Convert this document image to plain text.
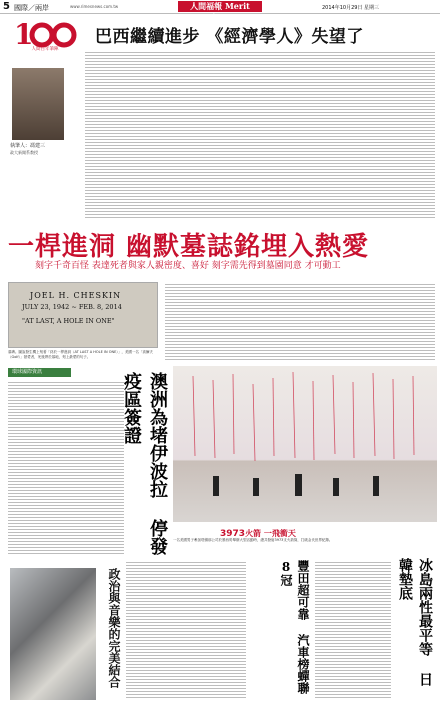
5 國際／兩岸	www.rimesnews.com.tw	人間福報 Merit Times
2014年10月29日 星期三
1
人間百年筆陣
巴西繼續進步 《經濟學人》失望了
執筆人：馮建三
政大新聞系教授
一桿進洞 幽默墓誌銘埋入熱愛
刻字千奇百怪 表達死者與家人親密度、喜好 刻字需先得到墓園同意 才可動工
JOEL H. CHESKIN
JULY 23, 1942 ~ FEB. 8, 2014
"AT LAST, A HOLE IN ONE"
墓碑。圖說發生機上刻著「終於一桿進洞（AT LAST A HOLE IN ONE）」，美國一名「高爾夫（Golf）」熱愛者，死後葬於墓地，刻上最愛的句子。
環球國際資訊	澳洲為堵伊波拉 停發疫區簽證
3973火箭 一飛衝天
一名美國男子參加塔錫那公司於墨西哥舉辦大型活動時，總共發射3973支火箭筒，打破金氏世界紀錄。
政治與音樂的完美結合	豐田超可靠 汽車榜蟬聯8冠	冰島兩性最平等 日韓墊底
